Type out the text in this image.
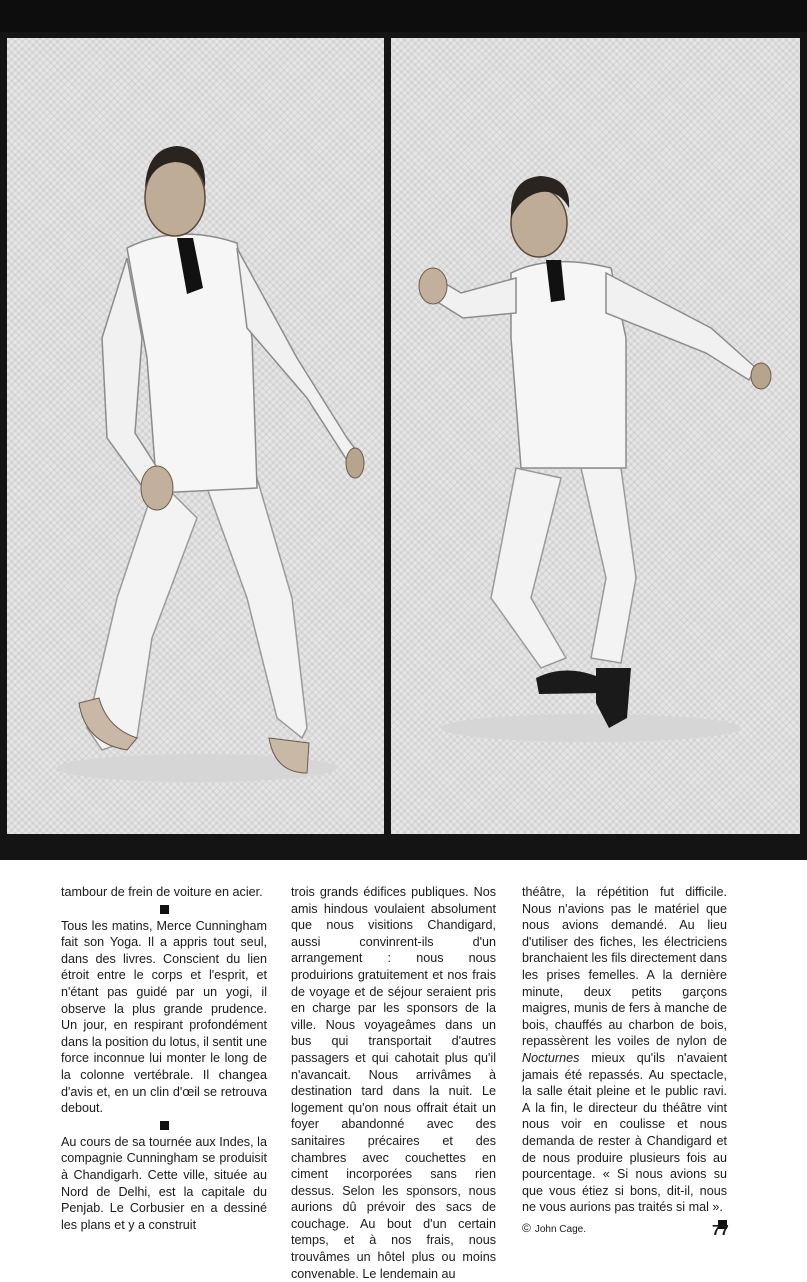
tambour de frein de voiture en acier.

Tous les matins, Merce Cunningham fait son Yoga. Il a appris tout seul, dans des livres. Conscient du lien étroit entre le corps et l'esprit, et n'étant pas guidé par un yogi, il observe la plus grande prudence. Un jour, en respirant profondément dans la position du lotus, il sentit une force inconnue lui monter le long de la colonne vertébrale. Il changea d'avis et, en un clin d'œil se retrouva debout.

Au cours de sa tournée aux Indes, la compagnie Cunningham se produisit à Chandigarh. Cette ville, située au Nord de Delhi, est la capitale du Penjab. Le Corbusier en a dessiné les plans et y a construit

trois grands édifices publiques. Nos amis hindous voulaient absolument que nous visitions Chandigard, aussi convinrent-ils d'un arrangement : nous nous produirions gratuitement et nos frais de voyage et de séjour seraient pris en charge par les sponsors de la ville. Nous voyageâmes dans un bus qui transportait d'autres passagers et qui cahotait plus qu'il n'avancait. Nous arrivâmes à destination tard dans la nuit. Le logement qu'on nous offrait était un foyer abandonné avec des sanitaires précaires et des chambres avec couchettes en ciment incorporées sans rien dessus. Selon les sponsors, nous aurions dû prévoir des sacs de couchage. Au bout d'un certain temps, et à nos frais, nous trouvâmes un hôtel plus ou moins convenable. Le lendemain au

théâtre, la répétition fut difficile. Nous n'avions pas le matériel que nous avions demandé. Au lieu d'utiliser des fiches, les électriciens branchaient les fils directement dans les prises femelles. A la dernière minute, deux petits garçons maigres, munis de fers à manche de bois, chauffés au charbon de bois, repassèrent les voiles de nylon de Nocturnes mieux qu'ils n'avaient jamais été repassés. Au spectacle, la salle était pleine et le public ravi. A la fin, le directeur du théâtre vint nous voir en coulisse et nous demanda de rester à Chandigard et de nous produire plusieurs fois au pourcentage. « Si nous avions su que vous étiez si bons, dit-il, nous ne vous aurions pas traités si mal ».

© John Cage.	77
